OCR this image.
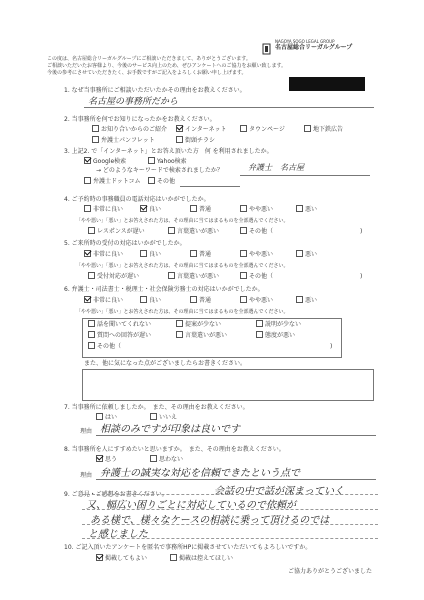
NAGOYA SOGO LEGAL GROUP
名古屋総合リーガルグループ
この度は、名古屋総合リーガルグループにご相談いただきまして、ありがとうございます。
ご相談いただいたお客様より、今後のサービス向上のため、ぜひアンケートへのご協力をお願い致します。
今後の参考にさせていただきたく、お手数ですがご記入をよろしくお願い申し上げます。
1. なぜ当事務所にご相談いただいたかその理由をお教えください。
名古屋の事務所だから
2. 当事務所を何でお知りになったかをお教えください。
お知り合いからのご紹介	インターネット	タウンページ	地下鉄広告
弁護士パンフレット	街頭チラシ
3. 上記2. で「インターネット」とお答え頂いた方　何 を利用されましたか。
Google検索	Yahoo検索
→ どのようなキーワードで検索されましたか？	弁護士　名古屋
弁護士ドットコム	その他
4. ご予約時の事務職員の電話対応はいかがでしたか。
非常に良い	良い	普通	やや悪い	悪い
「やや悪い」「悪い」とお答えされた方は、その理由に当てはまるものを全部選んでください。
レスポンスが遅い	言葉遣いが悪い	その他（	)
5. ご来所時の受付の対応はいかがでしたか。
非常に良い	良い	普通	やや悪い	悪い
「やや悪い」「悪い」とお答えされた方は、その理由に当てはまるものを全部選んでください。
受付対応が遅い	言葉遣いが悪い	その他（	)
6. 弁護士・司法書士・税理士・社会保険労務士の対応はいかがでしたか。
非常に良い	良い	普通	やや悪い	悪い
「やや悪い」「悪い」とお答えされた方は、その理由に当てはまるものを全部選んでください。
話を聞いてくれない	提案が少ない	説明が少ない
質問への回答が遅い	言葉遣いが悪い	態度が悪い
その他（	)
また、他に気になった点がございましたらお書きください。
7. 当事務所に依頼しましたか。　また、その理由をお教えください。
はい	いいえ
理由 相談のみですが印象は良いです
8. 当事務所を人にすすめたいと思いますか。　また、その理由をお教えください。
思う	思わない
理由 弁護士の誠実な対応を信頼できたという点で
9. ご意見・ご感想をお書きください。	会話の中で話が深まっていく
又、幅広い困りごとに対応しているので依頼が
ある様で、様々なケースの相談に乗って頂けるのでは
と感じました
10. ご記入頂いたアンケートを匿名で事務所HPに掲載させていただいてもよろしいですか。
掲載してもよい	掲載は控えてほしい
ご協力ありがとうございました
